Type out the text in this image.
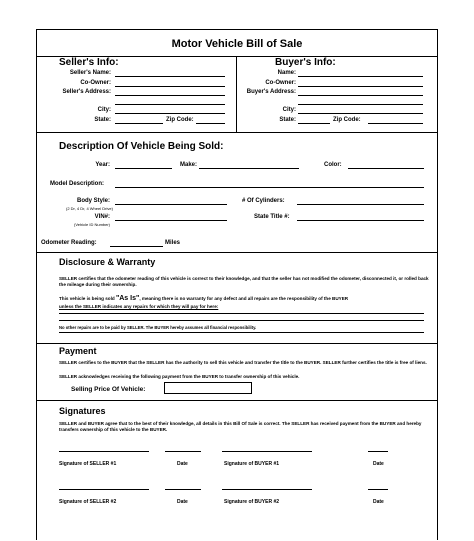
Motor Vehicle Bill of Sale
Seller's Info:
Seller's Name:
Co-Owner:
Seller's Address:
City:
State:	Zip Code:
Buyer's Info:
Name:
Co-Owner:
Buyer's Address:
City:
State:	Zip Code:
Description Of Vehicle Being Sold:
Year:	Make:	Color:
Model Description:
Body Style:
(2 Dr, 4 Dr, 4 Wheel Drive)
# Of Cylinders:
VIN#:
(Vehicle ID Number)
State Title #:
Odometer Reading:	Miles
Disclosure & Warranty
SELLER certifies that the odometer reading of this vehicle is correct to their knowledge, and that the seller has not modified the odometer, disconnected it, or rolled back the mileage during their ownership.
This vehicle is being sold "As Is", meaning there is no warranty for any defect and all repairs are the responsibility of the BUYER
unless the SELLER indicates any repairs for which they will pay for here:
No other repairs are to be paid by SELLER. The BUYER hereby assumes all financial responsibility.
Payment
SELLER certifies to the BUYER that the SELLER has the authority to sell this vehicle and transfer the title to the BUYER. SELLER further certifies the title is free of liens.
SELLER acknowledges receiving the following payment from the BUYER to transfer ownership of this vehicle.
Selling Price Of Vehicle:
Signatures
SELLER and BUYER agree that to the best of their knowledge, all details in this Bill Of Sale is correct. The SELLER has received payment from the BUYER and hereby transfers ownership of this vehicle to the BUYER.
Signature of SELLER #1	Date	Signature of BUYER #1	Date
Signature of SELLER #2	Date	Signature of BUYER #2	Date
